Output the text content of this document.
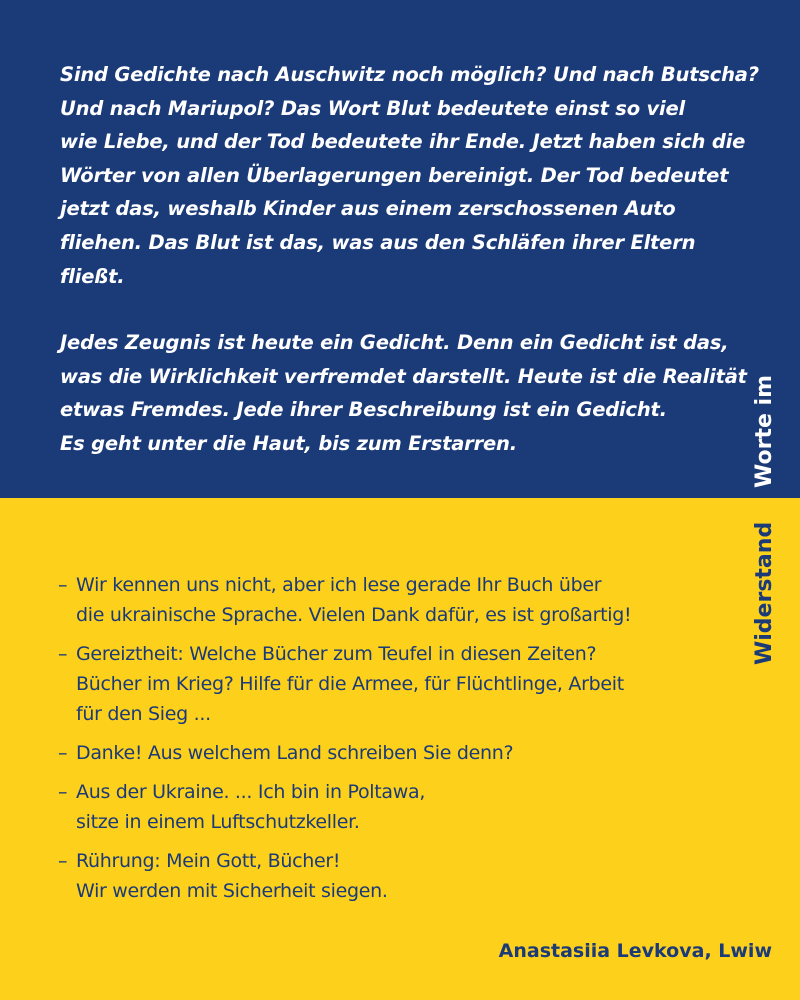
Sind Gedichte nach Auschwitz noch möglich? Und nach Butscha?
Und nach Mariupol? Das Wort Blut bedeutete einst so viel
wie Liebe, und der Tod bedeutete ihr Ende. Jetzt haben sich die
Wörter von allen Überlagerungen bereinigt. Der Tod bedeutet
jetzt das, weshalb Kinder aus einem zerschossenen Auto
fliehen. Das Blut ist das, was aus den Schläfen ihrer Eltern
fließt.

Jedes Zeugnis ist heute ein Gedicht. Denn ein Gedicht ist das,
was die Wirklichkeit verfremdet darstellt. Heute ist die Realität
etwas Fremdes. Jede ihrer Beschreibung ist ein Gedicht.
Es geht unter die Haut, bis zum Erstarren.	Worte im
Widerstand
– Wir kennen uns nicht, aber ich lese gerade Ihr Buch über
die ukrainische Sprache. Vielen Dank dafür, es ist großartig!
– Gereiztheit: Welche Bücher zum Teufel in diesen Zeiten?
Bücher im Krieg? Hilfe für die Armee, für Flüchtlinge, Arbeit
für den Sieg ...
– Danke! Aus welchem Land schreiben Sie denn?
– Aus der Ukraine. ... Ich bin in Poltawa,
sitze in einem Luftschutzkeller.
– Rührung: Mein Gott, Bücher!
Wir werden mit Sicherheit siegen.
Anastasiia Levkova, Lwiw
